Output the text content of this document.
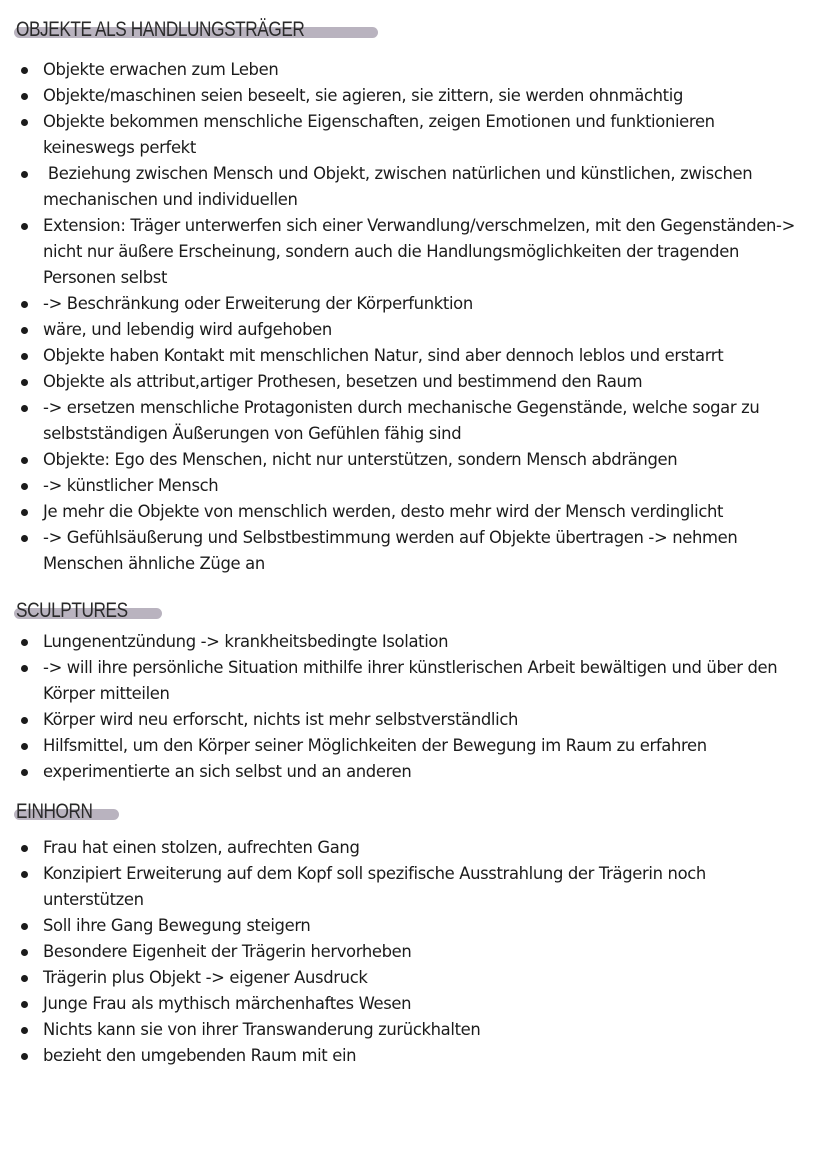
OBJEKTE ALS HANDLUNGSTRÄGER
Objekte erwachen zum Leben
Objekte/maschinen seien beseelt, sie agieren, sie zittern, sie werden ohnmächtig
Objekte bekommen menschliche Eigenschaften, zeigen Emotionen und funktionieren keineswegs perfekt
Beziehung zwischen Mensch und Objekt, zwischen natürlichen und künstlichen, zwischen mechanischen und individuellen
Extension: Träger unterwerfen sich einer Verwandlung/verschmelzen, mit den Gegenständen-> nicht nur äußere Erscheinung, sondern auch die Handlungsmöglichkeiten der tragenden Personen selbst
-> Beschränkung oder Erweiterung der Körperfunktion
wäre, und lebendig wird aufgehoben
Objekte haben Kontakt mit menschlichen Natur, sind aber dennoch leblos und erstarrt
Objekte als attribut,artiger Prothesen, besetzen und bestimmend den Raum
-> ersetzen menschliche Protagonisten durch mechanische Gegenstände, welche sogar zu selbstständigen Äußerungen von Gefühlen fähig sind
Objekte: Ego des Menschen, nicht nur unterstützen, sondern Mensch abdrängen
-> künstlicher Mensch
Je mehr die Objekte von menschlich werden, desto mehr wird der Mensch verdinglicht
-> Gefühlsäußerung und Selbstbestimmung werden auf Objekte übertragen -> nehmen Menschen ähnliche Züge an
SCULPTURES
Lungenentzündung -> krankheitsbedingte Isolation
-> will ihre persönliche Situation mithilfe ihrer künstlerischen Arbeit bewältigen und über den Körper mitteilen
Körper wird neu erforscht, nichts ist mehr selbstverständlich
Hilfsmittel, um den Körper seiner Möglichkeiten der Bewegung im Raum zu erfahren
experimentierte an sich selbst und an anderen
EINHORN
Frau hat einen stolzen, aufrechten Gang
Konzipiert Erweiterung auf dem Kopf soll spezifische Ausstrahlung der Trägerin noch unterstützen
Soll ihre Gang Bewegung steigern
Besondere Eigenheit der Trägerin hervorheben
Trägerin plus Objekt -> eigener Ausdruck
Junge Frau als mythisch märchenhaftes Wesen
Nichts kann sie von ihrer Transwanderung zurückhalten
bezieht den umgebenden Raum mit ein
